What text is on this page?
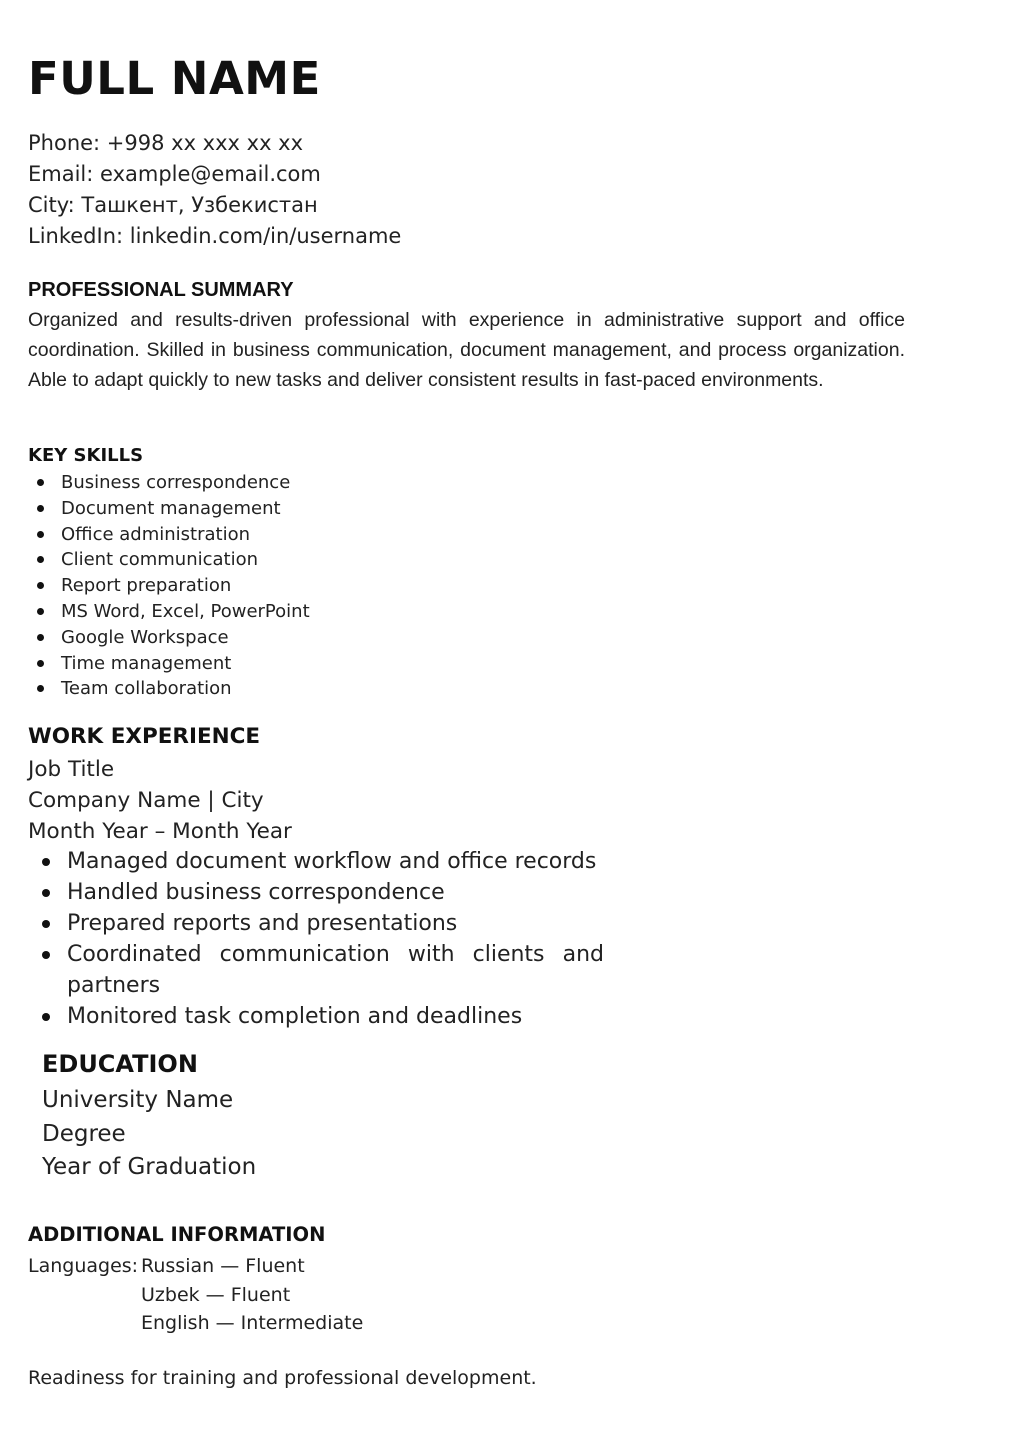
FULL NAME
Phone: +998 xx xxx xx xx
Email: example@email.com
City: Ташкент, Узбекистан
LinkedIn: linkedin.com/in/username
PROFESSIONAL SUMMARY

Organized and results-driven professional with experience in administrative support and office coordination. Skilled in business communication, document management, and process organization. Able to adapt quickly to new tasks and deliver consistent results in fast-paced environments.

KEY SKILLS
Business correspondence
Document management
Office administration
Client communication
Report preparation
MS Word, Excel, PowerPoint
Google Workspace
Time management
Team collaboration
WORK EXPERIENCE
Job Title
Company Name | City
Month Year – Month Year
Managed document workflow and office records
Handled business correspondence
Prepared reports and presentations
Coordinated communication with clients and partners
Monitored task completion and deadlines
EDUCATION
University Name
Degree
Year of Graduation
ADDITIONAL INFORMATION
Languages: Russian — Fluent
Uzbek — Fluent
English — Intermediate

Readiness for training and professional development.
